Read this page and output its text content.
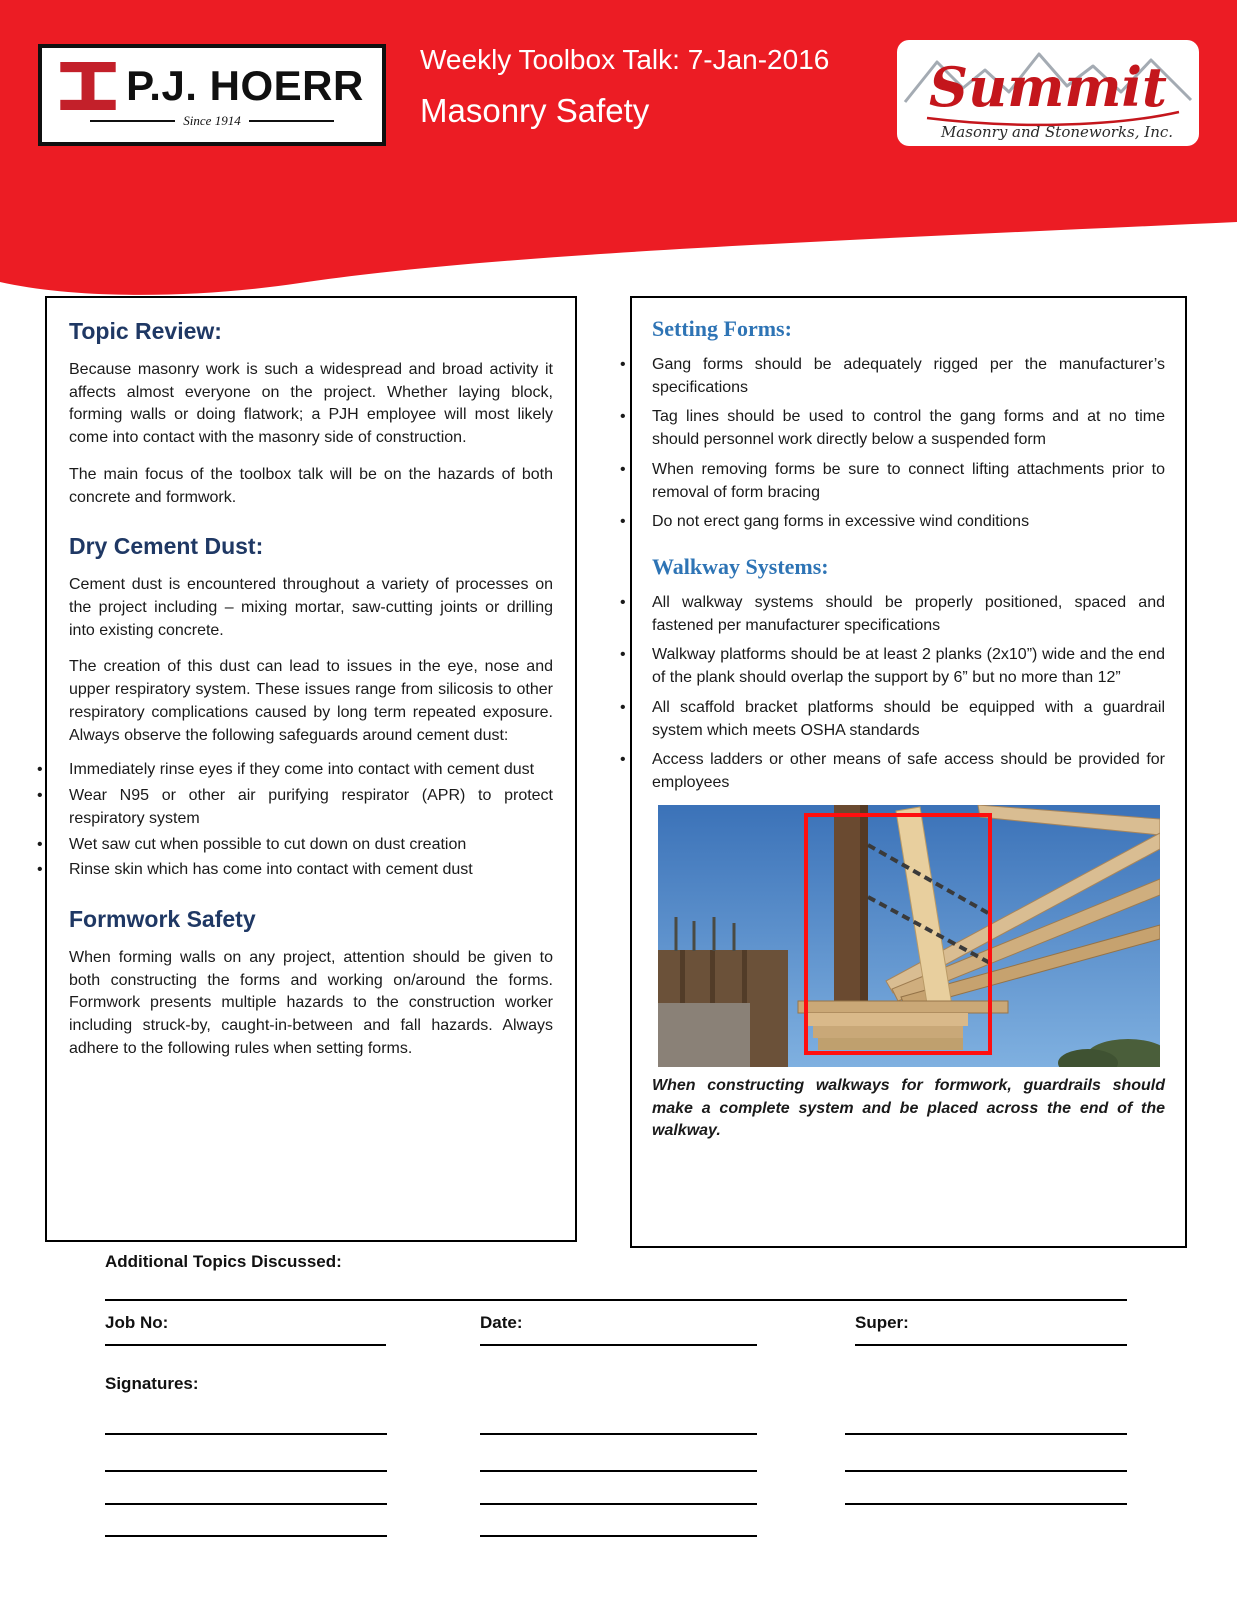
P.J. HOERR
Since 1914
Weekly Toolbox Talk: 7-Jan-2016
Masonry Safety	Summit
Masonry and Stoneworks, Inc.
Topic Review:

Because masonry work is such a widespread and broad activity it affects almost everyone on the project. Whether laying block, forming walls or doing flatwork; a PJH employee will most likely come into contact with the masonry side of construction.

The main focus of the toolbox talk will be on the hazards of both concrete and formwork.

Dry Cement Dust:

Cement dust is encountered throughout a variety of processes on the project including – mixing mortar, saw-cutting joints or drilling into existing concrete.

The creation of this dust can lead to issues in the eye, nose and upper respiratory system. These issues range from silicosis to other respiratory complications caused by long term repeated exposure. Always observe the following safeguards around cement dust:

• Immediately rinse eyes if they come into contact with cement dust
• Wear N95 or other air purifying respirator (APR) to protect respiratory system
• Wet saw cut when possible to cut down on dust creation
• Rinse skin which has come into contact with cement dust
Formwork Safety

When forming walls on any project, attention should be given to both constructing the forms and working on/around the forms. Formwork presents multiple hazards to the construction worker including struck-by, caught-in-between and fall hazards. Always adhere to the following rules when setting forms.

Setting Forms:
• Gang forms should be adequately rigged per the manufacturer’s specifications
• Tag lines should be used to control the gang forms and at no time should personnel work directly below a suspended form
• When removing forms be sure to connect lifting attachments prior to removal of form bracing
• Do not erect gang forms in excessive wind conditions
Walkway Systems:
• All walkway systems should be properly positioned, spaced and fastened per manufacturer specifications
• Walkway platforms should be at least 2 planks (2x10”) wide and the end of the plank should overlap the support by 6” but no more than 12”
• All scaffold bracket platforms should be equipped with a guardrail system which meets OSHA standards
• Access ladders or other means of safe access should be provided for employees

When constructing walkways for formwork, guardrails should make a complete system and be placed across the end of the walkway.

Additional Topics Discussed:
Job No:	Date:	Super:
Signatures:
